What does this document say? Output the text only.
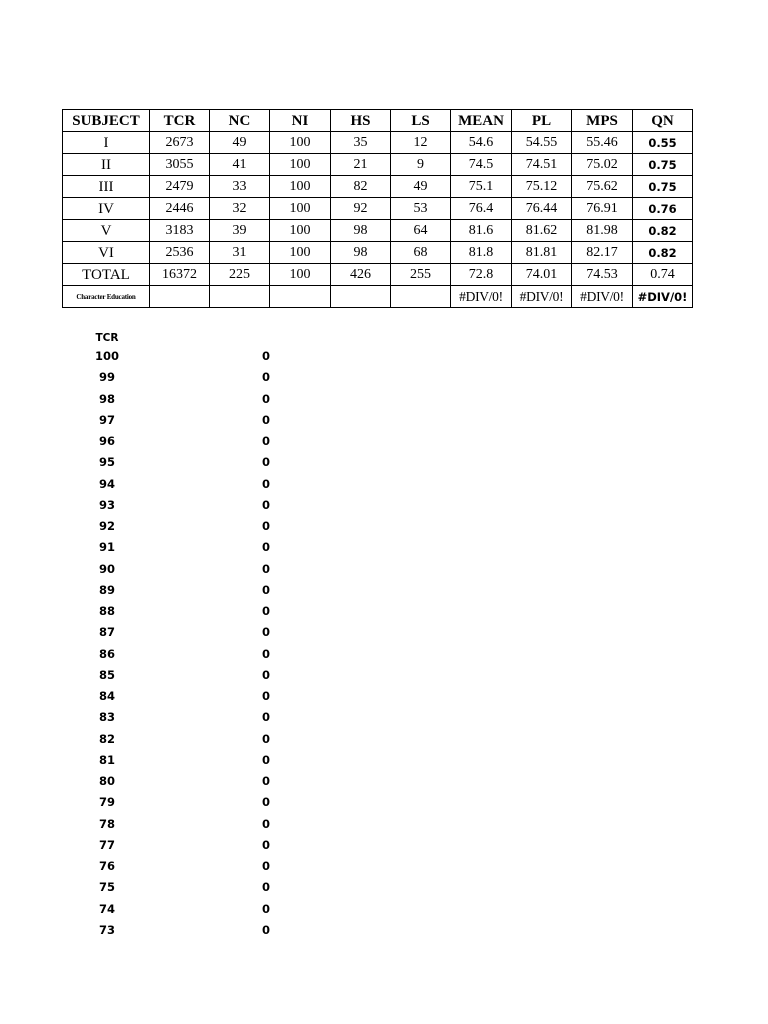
SUBJECT	TCR	NC	NI	HS	LS	MEAN	PL	MPS	QN
I	2673	49	100	35	12	54.6	54.55	55.46	0.55
II	3055	41	100	21	9	74.5	74.51	75.02	0.75
III	2479	33	100	82	49	75.1	75.12	75.62	0.75
IV	2446	32	100	92	53	76.4	76.44	76.91	0.76
V	3183	39	100	98	64	81.6	81.62	81.98	0.82
VI	2536	31	100	98	68	81.8	81.81	82.17	0.82
TOTAL	16372	225	100	426	255	72.8	74.01	74.53	0.74
Character Education						#DIV/0!	#DIV/0!	#DIV/0!	#DIV/0!
TCR	
100	0
99	0
98	0
97	0
96	0
95	0
94	0
93	0
92	0
91	0
90	0
89	0
88	0
87	0
86	0
85	0
84	0
83	0
82	0
81	0
80	0
79	0
78	0
77	0
76	0
75	0
74	0
73	0
